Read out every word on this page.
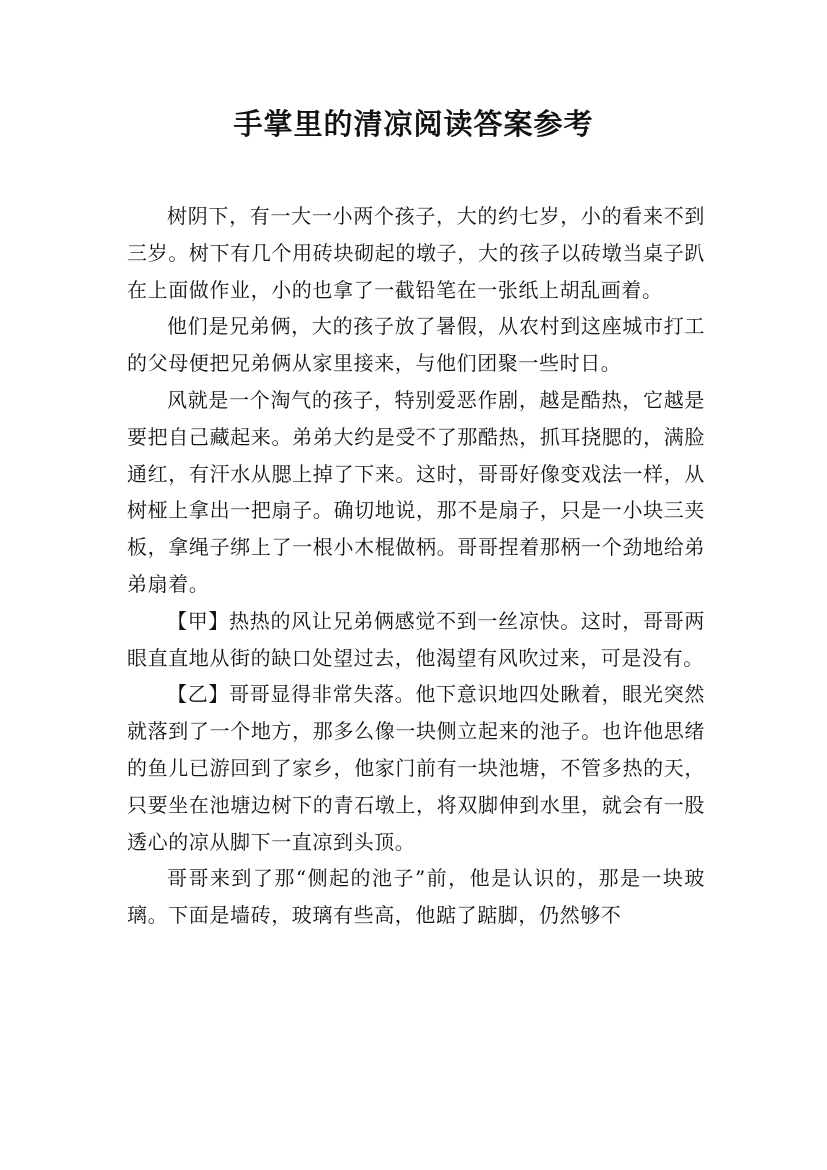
手掌里的清凉阅读答案参考

树阴下，有一大一小两个孩子，大的约七岁，小的看来不到三岁。树下有几个用砖块砌起的墩子，大的孩子以砖墩当桌子趴在上面做作业，小的也拿了一截铅笔在一张纸上胡乱画着。

他们是兄弟俩，大的孩子放了暑假，从农村到这座城市打工的父母便把兄弟俩从家里接来，与他们团聚一些时日。

风就是一个淘气的孩子，特别爱恶作剧，越是酷热，它越是要把自己藏起来。弟弟大约是受不了那酷热，抓耳挠腮的，满脸通红，有汗水从腮上掉了下来。这时，哥哥好像变戏法一样，从树桠上拿出一把扇子。确切地说，那不是扇子，只是一小块三夹板，拿绳子绑上了一根小木棍做柄。哥哥捏着那柄一个劲地给弟弟扇着。

【甲】热热的风让兄弟俩感觉不到一丝凉快。这时，哥哥两眼直直地从街的缺口处望过去，他渴望有风吹过来，可是没有。

【乙】哥哥显得非常失落。他下意识地四处瞅着，眼光突然就落到了一个地方，那多么像一块侧立起来的池子。也许他思绪的鱼儿已游回到了家乡，他家门前有一块池塘，不管多热的天，只要坐在池塘边树下的青石墩上，将双脚伸到水里，就会有一股透心的凉从脚下一直凉到头顶。

哥哥来到了那“侧起的池子”前，他是认识的，那是一块玻璃。下面是墙砖，玻璃有些高，他踮了踮脚，仍然够不
